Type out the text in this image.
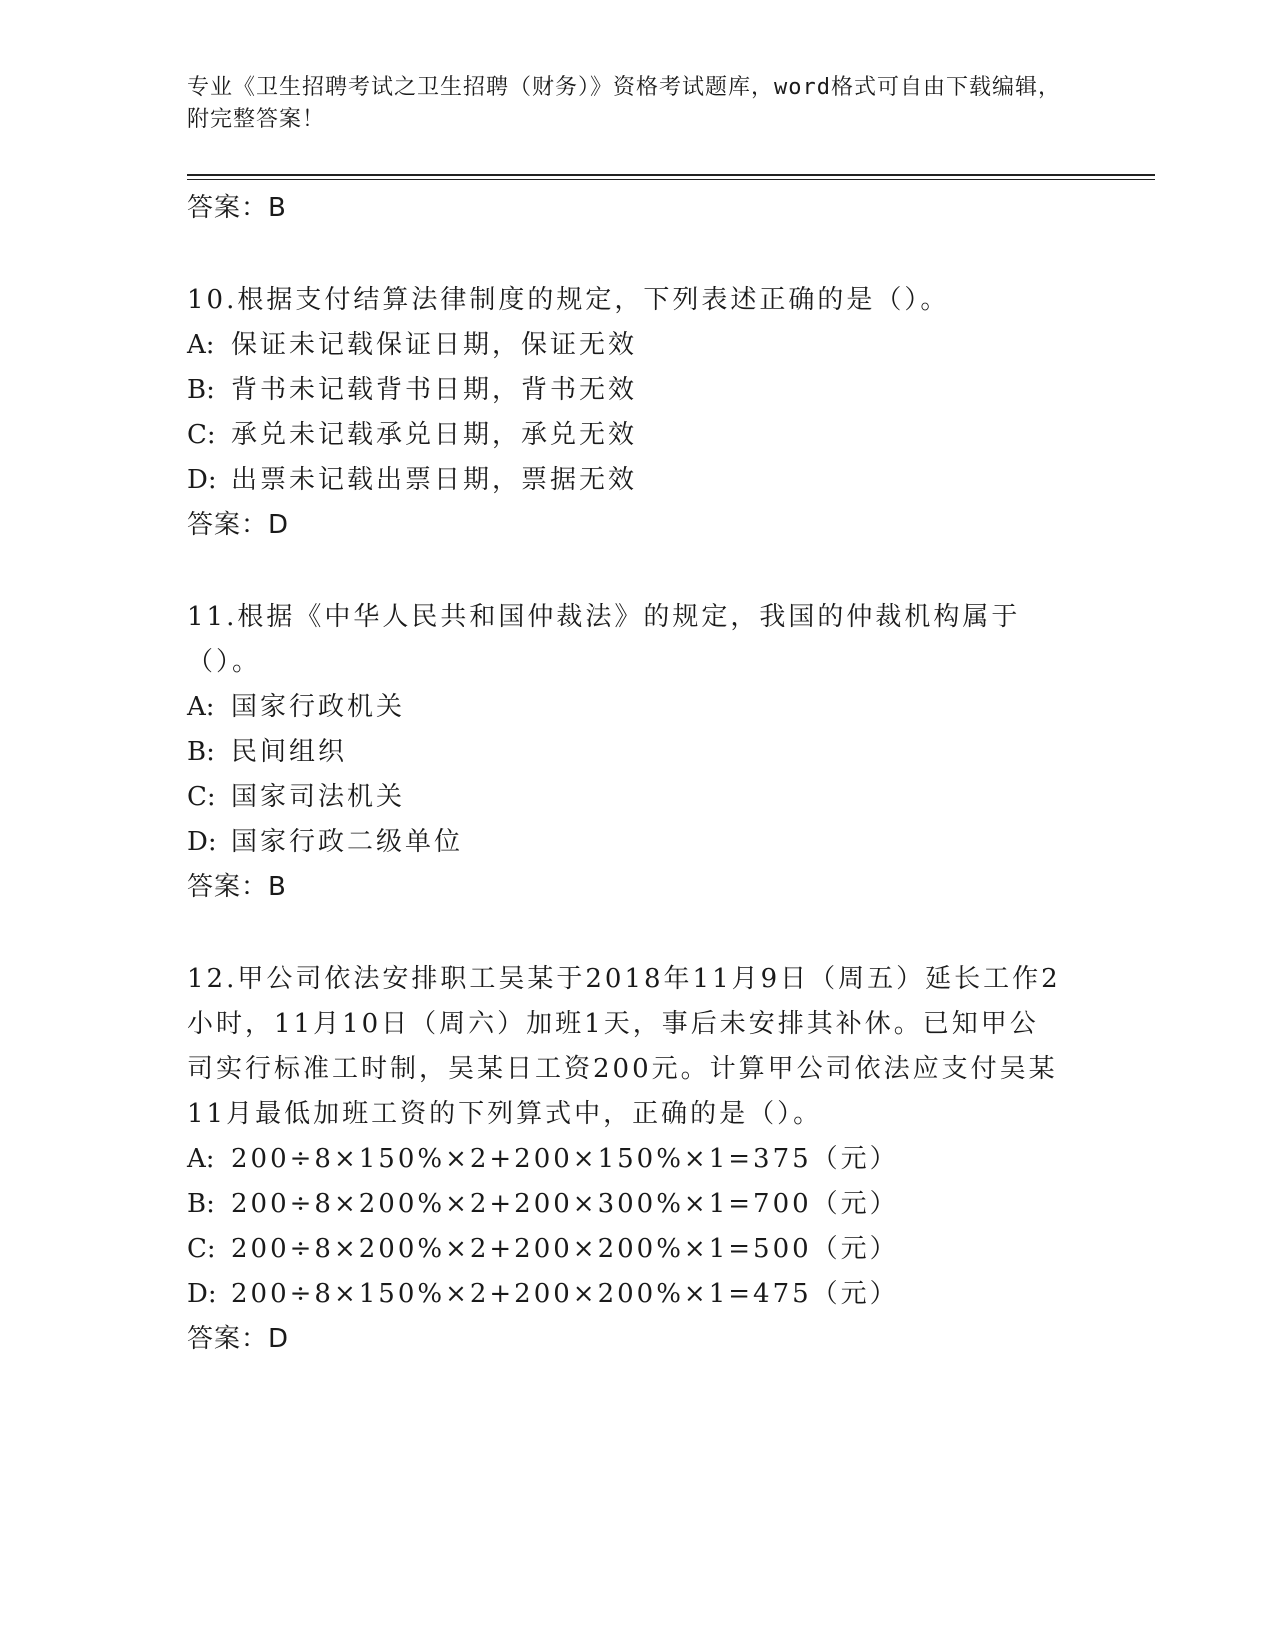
专业《卫生招聘考试之卫生招聘（财务）》资格考试题库，word格式可自由下载编辑，附完整答案！
答案：B
10.根据支付结算法律制度的规定，下列表述正确的是（）。
A: 保证未记载保证日期，保证无效
B: 背书未记载背书日期，背书无效
C: 承兑未记载承兑日期，承兑无效
D: 出票未记载出票日期，票据无效
答案：D
11.根据《中华人民共和国仲裁法》的规定，我国的仲裁机构属于（）。
A: 国家行政机关
B: 民间组织
C: 国家司法机关
D: 国家行政二级单位
答案：B
12.甲公司依法安排职工吴某于2018年11月9日（周五）延长工作2小时，11月10日（周六）加班1天，事后未安排其补休。已知甲公司实行标准工时制，吴某日工资200元。计算甲公司依法应支付吴某11月最低加班工资的下列算式中，正确的是（）。
A: 200÷8×150%×2+200×150%×1=375（元）
B: 200÷8×200%×2+200×300%×1=700（元）
C: 200÷8×200%×2+200×200%×1=500（元）
D: 200÷8×150%×2+200×200%×1=475（元）
答案：D
